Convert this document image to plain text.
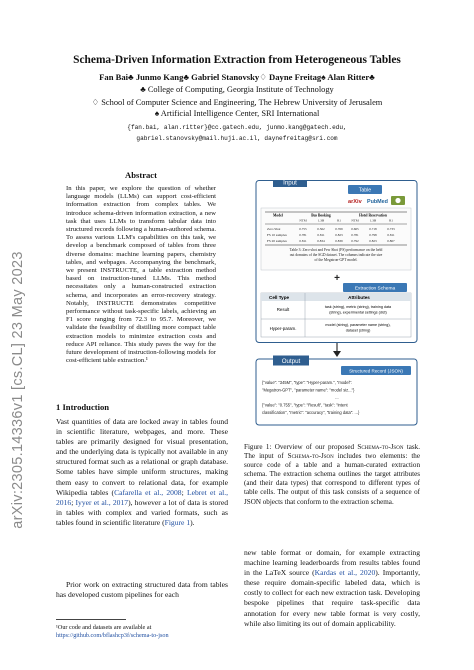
arXiv:2305.14336v1 [cs.CL] 23 May 2023
Schema-Driven Information Extraction from Heterogeneous Tables
Fan Bai♣ Junmo Kang♣ Gabriel Stanovsky♢ Dayne Freitag♠ Alan Ritter♣
♣ College of Computing, Georgia Institute of Technology
♢ School of Computer Science and Engineering, The Hebrew University of Jerusalem
♠ Artificial Intelligence Center, SRI International
{fan.bai, alan.ritter}@cc.gatech.edu, junmo.kang@gatech.edu,
gabriel.stanovsky@mail.huji.ac.il, daynefreitag@sri.com
Abstract
In this paper, we explore the question of whether language models (LLMs) can support cost-efficient information extraction from complex tables. We introduce schema-driven information extraction, a new task that uses LLMs to transform tabular data into structured records following a human-authored schema. To assess various LLM's capabilities on this task, we develop a benchmark composed of tables from three diverse domains: machine learning papers, chemistry tables, and webpages. Accompanying the benchmark, we present INSTRUCTE, a table extraction method based on instruction-tuned LLMs. This method necessitates only a human-constructed extraction schema, and incorporates an error-recovery strategy. Notably, INSTRUCTE demonstrates competitive performance without task-specific labels, achieving an F1 score ranging from 72.3 to 95.7. Moreover, we validate the feasibility of distilling more compact table extraction models to minimize extraction costs and reduce API reliance. This study paves the way for the future development of instruction-following models for cost-efficient table extraction.¹
1 Introduction
Vast quantities of data are locked away in tables found in scientific literature, webpages, and more. These tables are primarily designed for visual presentation, and the underlying data is typically not available in any structured format such as a relational or graph database. Some tables have simple uniform structures, making them easy to convert to relational data, for example Wikipedia tables (Cafarella et al., 2008; Lebret et al., 2016; Iyyer et al., 2017), however a lot of data is stored in tables with complex and varied formats, such as tables found in scientific literature (Figure 1).
Prior work on extracting structured data from tables has developed custom pipelines for each
¹Our code and datasets are available at https://github.com/bflashcp3f/schema-to-json
Figure 1: Overview of our proposed Schema-to-Json task. The input of Schema-to-Json includes two elements: the source code of a table and a human-curated extraction schema. The extraction schema outlines the target attributes (and their data types) that correspond to different types of table cells. The output of this task consists of a sequence of JSON objects that conform to the extraction schema.
new table format or domain, for example extracting machine learning leaderboards from results tables found in the LaTeX source (Kardas et al., 2020). Importantly, these require domain-specific labeled data, which is costly to collect for each new extraction task. Developing bespoke pipelines that require task-specific data annotation for every new table format is very costly, while also limiting its out of domain applicability.
Input
Table
arXiv PubMed
Model	Bus Booking	Hotel Reservation
NTM	1.3B	R1	NTM	1.3B	R1
Zero Shot	0.755	0.562	0.769	0.665	0.718	0.733
FS 10 samples	0.781	0.811	0.823	0.781	0.798	0.811
FS 20 samples	0.811	0.834	0.839	0.792	0.823	0.867
Table 3: Zero-shot and Few Shot (FS) performance on the held
out domains of the SGD dataset. The columns indicate the size
of the Megatron-GPT model.
+
Extraction Schema
Cell Type	Attributes
Result	task (string), metric (string), training data
(string), experimental settings (dict)
Hyper-param.
model (string), parameter name (string),
dataset (string)
Output
Structured Record (JSON)
{"value": "345M", "type": "Hyper-param.", "model":
"Megatron-GPT", "parameter name": "model siz..."}
...
{"value": "0.755", "type": "Result", "task": "intent
classification", "metric": "accuracy", "training data": ...}
